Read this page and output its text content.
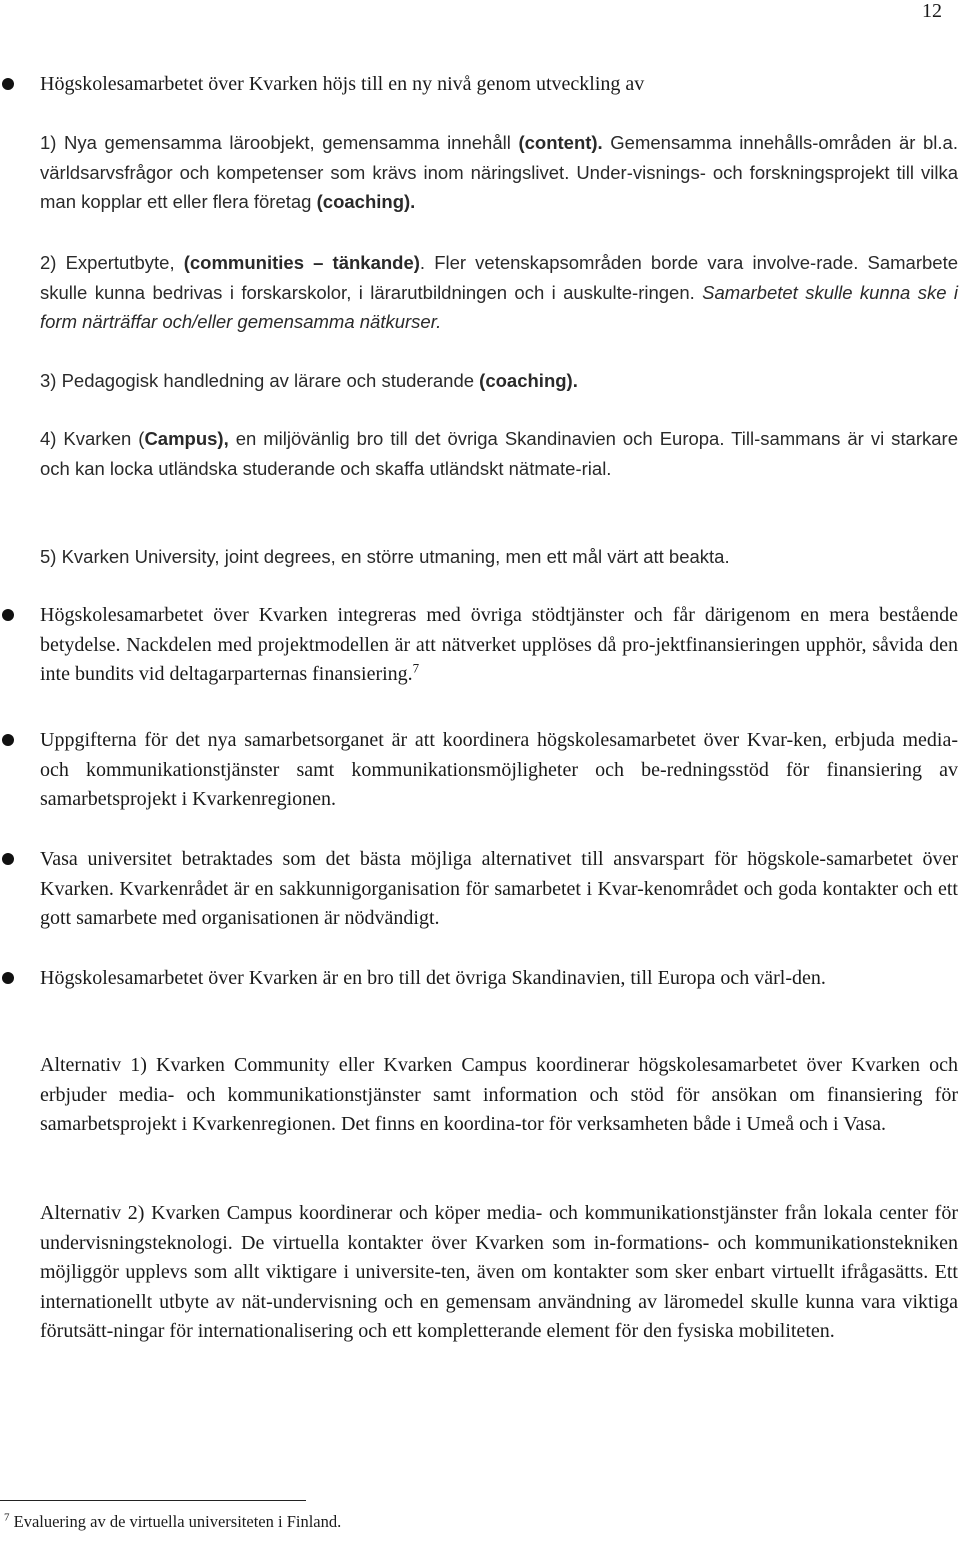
12

Högskolesamarbetet över Kvarken höjs till en ny nivå genom utveckling av

1) Nya gemensamma läroobjekt, gemensamma innehåll (content). Gemensamma innehålls-områden är bl.a. världsarvsfrågor och kompetenser som krävs inom näringslivet. Under-visnings- och forskningsprojekt till vilka man kopplar ett eller flera företag (coaching).

2) Expertutbyte, (communities – tänkande). Fler vetenskapsområden borde vara involve-rade. Samarbete skulle kunna bedrivas i forskarskolor, i lärarutbildningen och i auskulte-ringen. Samarbetet skulle kunna ske i form närträffar och/eller gemensamma nätkurser.

3) Pedagogisk handledning av lärare och studerande (coaching).

4) Kvarken (Campus), en miljövänlig bro till det övriga Skandinavien och Europa. Till-sammans är vi starkare och kan locka utländska studerande och skaffa utländskt nätmate-rial.

5) Kvarken University, joint degrees, en större utmaning, men ett mål värt att beakta.

Högskolesamarbetet över Kvarken integreras med övriga stödtjänster och får därigenom en mera bestående betydelse. Nackdelen med projektmodellen är att nätverket upplöses då pro-jektfinansieringen upphör, såvida den inte bundits vid deltagarparternas finansiering.$^7$

Uppgifterna för det nya samarbetsorganet är att koordinera högskolesamarbetet över Kvar-ken, erbjuda media- och kommunikationstjänster samt kommunikationsmöjligheter och be-redningsstöd för finansiering av samarbetsprojekt i Kvarkenregionen.

Vasa universitet betraktades som det bästa möjliga alternativet till ansvarspart för högskole-samarbetet över Kvarken. Kvarkenrådet är en sakkunnigorganisation för samarbetet i Kvar-kenområdet och goda kontakter och ett gott samarbete med organisationen är nödvändigt.

Högskolesamarbetet över Kvarken är en bro till det övriga Skandinavien, till Europa och värl-den.

Alternativ 1) Kvarken Community eller Kvarken Campus koordinerar högskolesamarbetet över Kvarken och erbjuder media- och kommunikationstjänster samt information och stöd för ansökan om finansiering för samarbetsprojekt i Kvarkenregionen. Det finns en koordina-tor för verksamheten både i Umeå och i Vasa.

Alternativ 2) Kvarken Campus koordinerar och köper media- och kommunikationstjänster från lokala center för undervisningsteknologi. De virtuella kontakter över Kvarken som in-formations- och kommunikationstekniken möjliggör upplevs som allt viktigare i universite-ten, även om kontakter som sker enbart virtuellt ifrågasätts. Ett internationellt utbyte av nät-undervisning och en gemensam användning av läromedel skulle kunna vara viktiga förutsätt-ningar för internationalisering och ett kompletterande element för den fysiska mobiliteten.

$^7$ Evaluering av de virtuella universiteten i Finland.
